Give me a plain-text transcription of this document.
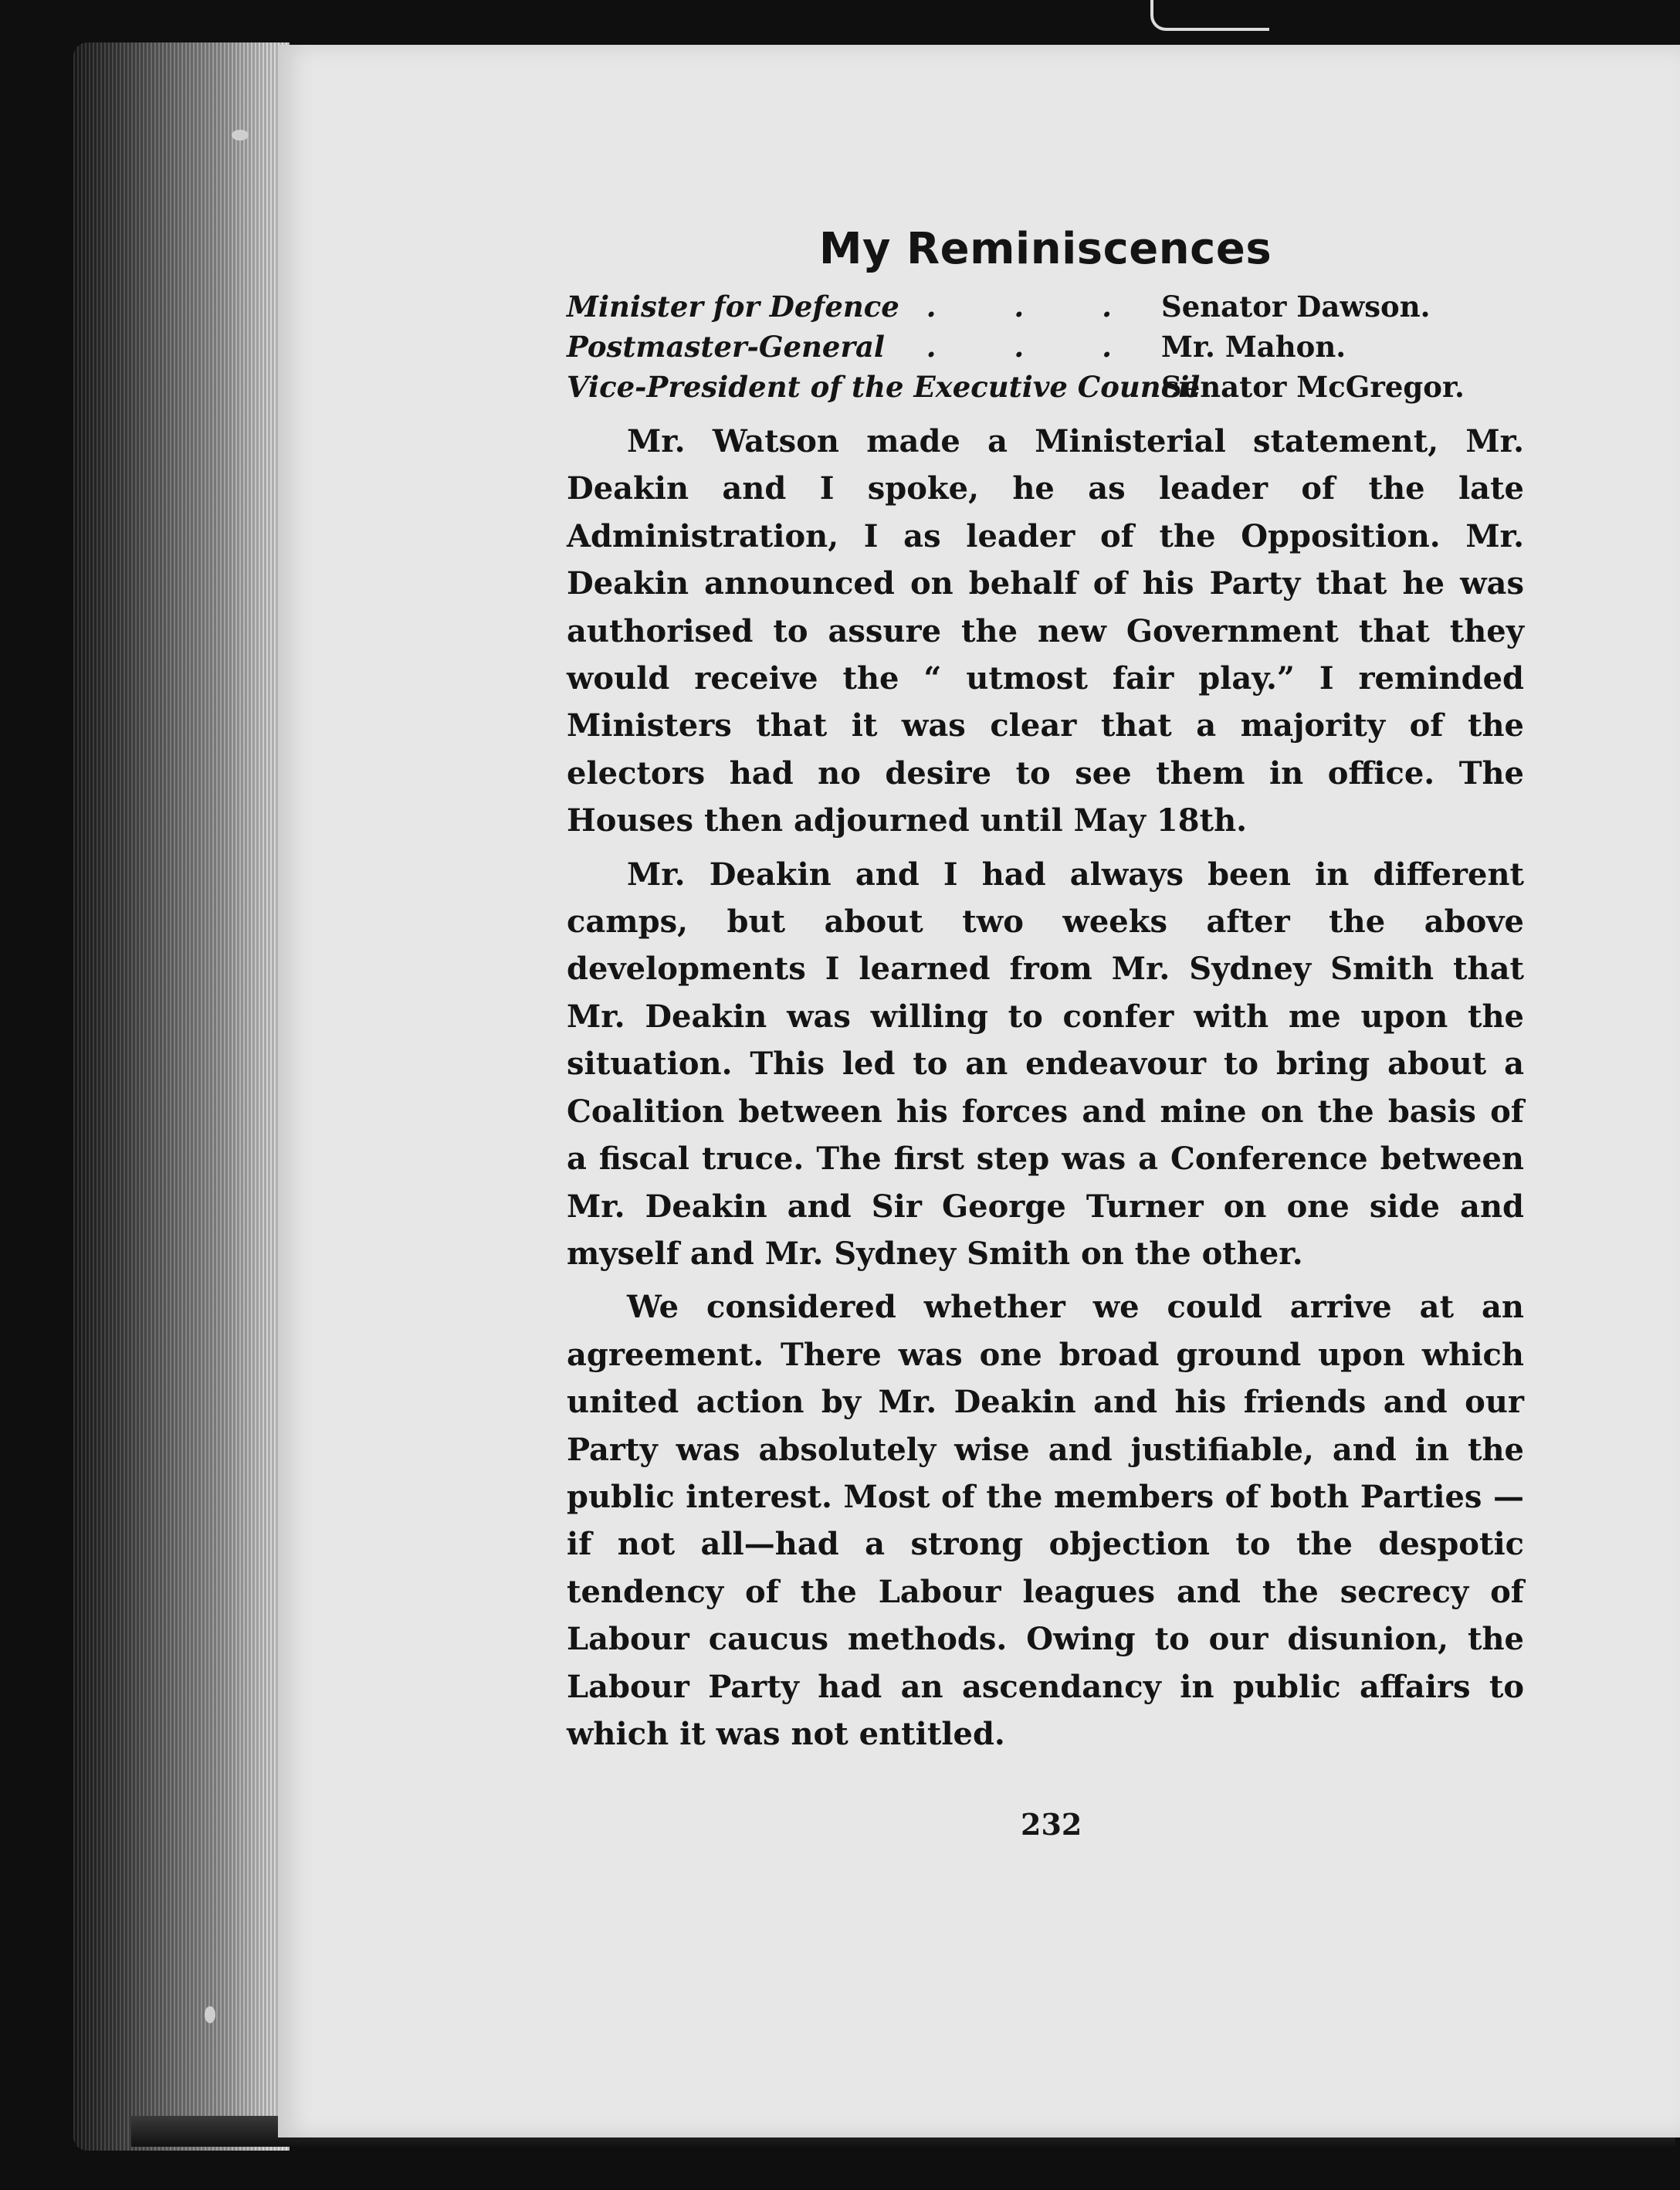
My Reminiscences
Minister for Defence . . . Senator Dawson.
Postmaster-General	. . . Mr. Mahon.
Vice-President of the Executive Council
Senator McGregor.

Mr. Watson made a Ministerial statement, Mr. Deakin and I spoke, he as leader of the late Administration, I as leader of the Opposition. Mr. Deakin announced on behalf of his Party that he was authorised to assure the new Government that they would receive the “ utmost fair play.” I reminded Ministers that it was clear that a majority of the electors had no desire to see them in office. The Houses then adjourned until May 18th.

Mr. Deakin and I had always been in different camps, but about two weeks after the above developments I learned from Mr. Sydney Smith that Mr. Deakin was willing to confer with me upon the situation. This led to an endeavour to bring about a Coalition between his forces and mine on the basis of a fiscal truce. The first step was a Conference between Mr. Deakin and Sir George Turner on one side and myself and Mr. Sydney Smith on the other.

We considered whether we could arrive at an agreement. There was one broad ground upon which united action by Mr. Deakin and his friends and our Party was absolutely wise and justifiable, and in the public interest. Most of the members of both Parties —if not all—had a strong objection to the despotic tendency of the Labour leagues and the secrecy of Labour caucus methods. Owing to our disunion, the Labour Party had an ascendancy in public affairs to which it was not entitled.

232
